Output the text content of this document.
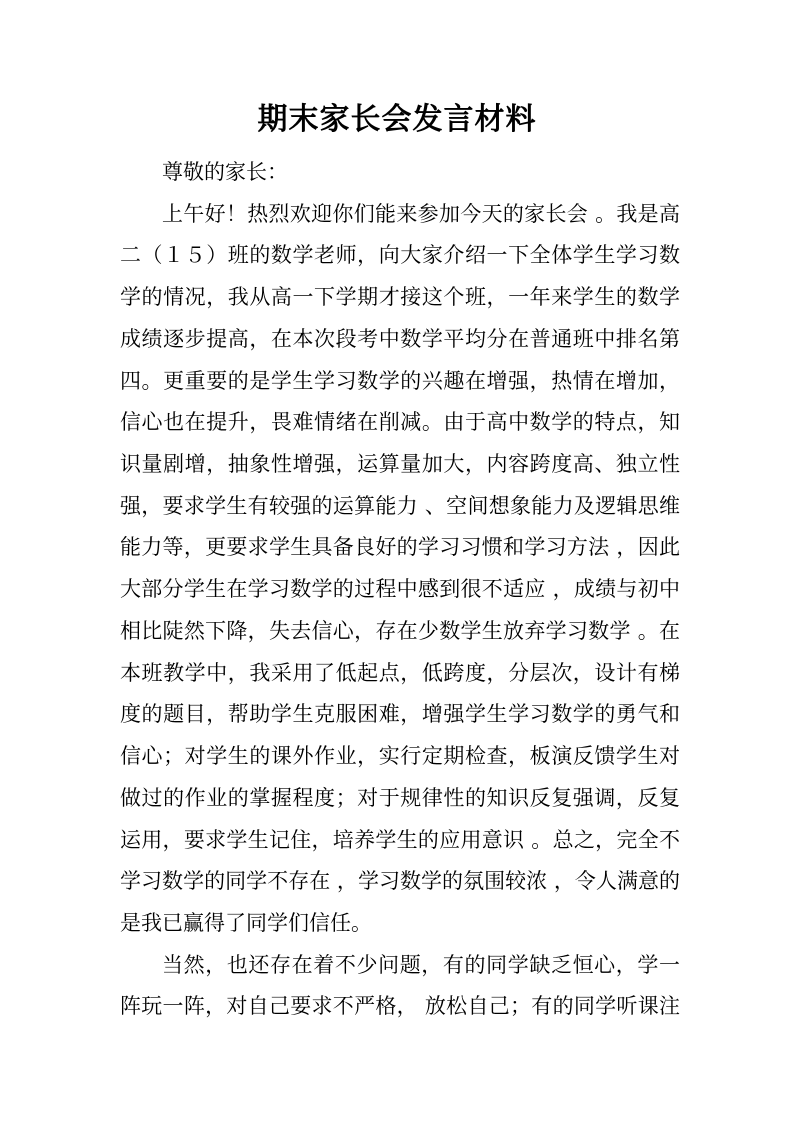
期末家长会发言材料
尊敬的家长：
上午好！热烈欢迎你们能来参加今天的家长会 。我是高
二（１５）班的数学老师，向大家介绍一下全体学生学习数
学的情况，我从高一下学期才接这个班，一年来学生的数学
成绩逐步提高，在本次段考中数学平均分在普通班中排名第
四。更重要的是学生学习数学的兴趣在增强，热情在增加，
信心也在提升，畏难情绪在削减。由于高中数学的特点，知
识量剧增，抽象性增强，运算量加大，内容跨度高、独立性
强，要求学生有较强的运算能力 、空间想象能力及逻辑思维
能力等，更要求学生具备良好的学习习惯和学习方法 ，因此
大部分学生在学习数学的过程中感到很不适应 ，成绩与初中
相比陡然下降，失去信心，存在少数学生放弃学习数学 。在
本班教学中，我采用了低起点，低跨度，分层次，设计有梯
度的题目，帮助学生克服困难，增强学生学习数学的勇气和
信心；对学生的课外作业，实行定期检查，板演反馈学生对
做过的作业的掌握程度；对于规律性的知识反复强调，反复
运用，要求学生记住，培养学生的应用意识 。总之，完全不
学习数学的同学不存在 ，学习数学的氛围较浓 ，令人满意的
是我已赢得了同学们信任。
当然，也还存在着不少问题，有的同学缺乏恒心，学一
阵玩一阵，对自己要求不严格， 放松自己；有的同学听课注
